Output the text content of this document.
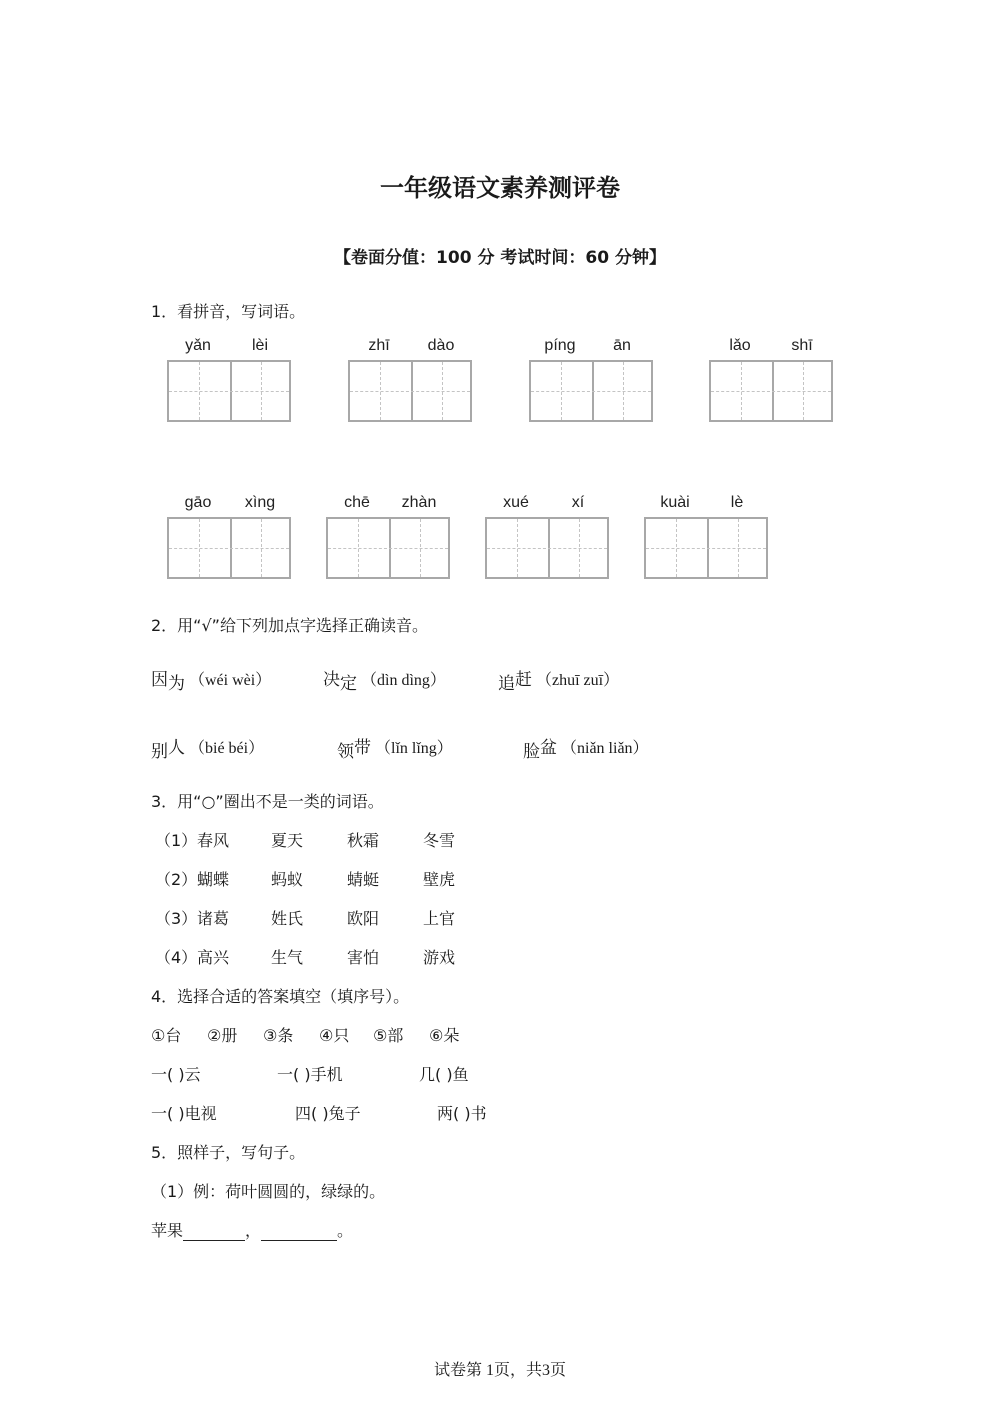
一年级语文素养测评卷
【卷面分值：100 分 考试时间：60 分钟】
1．看拼音，写词语。
yǎn	lèi	zhī	dào	píng	ān	lǎo	shī
gāo	xìng	chē	zhàn	xué	xí	kuài	lè
2．用“√”给下列加点字选择正确读音。
因为 （wéi wèi）	决定 （dìn dìng）	追赶 （zhuī zuī）
别人 （bié béi）	领带 （lǐn lǐng）	脸盆 （niǎn liǎn）
3．用“○”圈出不是一类的词语。
（1） 春风	夏天	秋霜	冬雪
（2） 蝴蝶	蚂蚁	蜻蜓	壁虎
（3） 诸葛	姓氏	欧阳	上官
（4） 高兴	生气	害怕	游戏
4．选择合适的答案填空（填序号）。
①台 ②册 ③条 ④只 ⑤部 ⑥朵
一( )云	一( )手机	几( )鱼
一( )电视	四( )兔子	两( )书
5．照样子，写句子。
（1）例：荷叶圆圆的，绿绿的。
苹果	，	。
试卷第 1页，共3页
